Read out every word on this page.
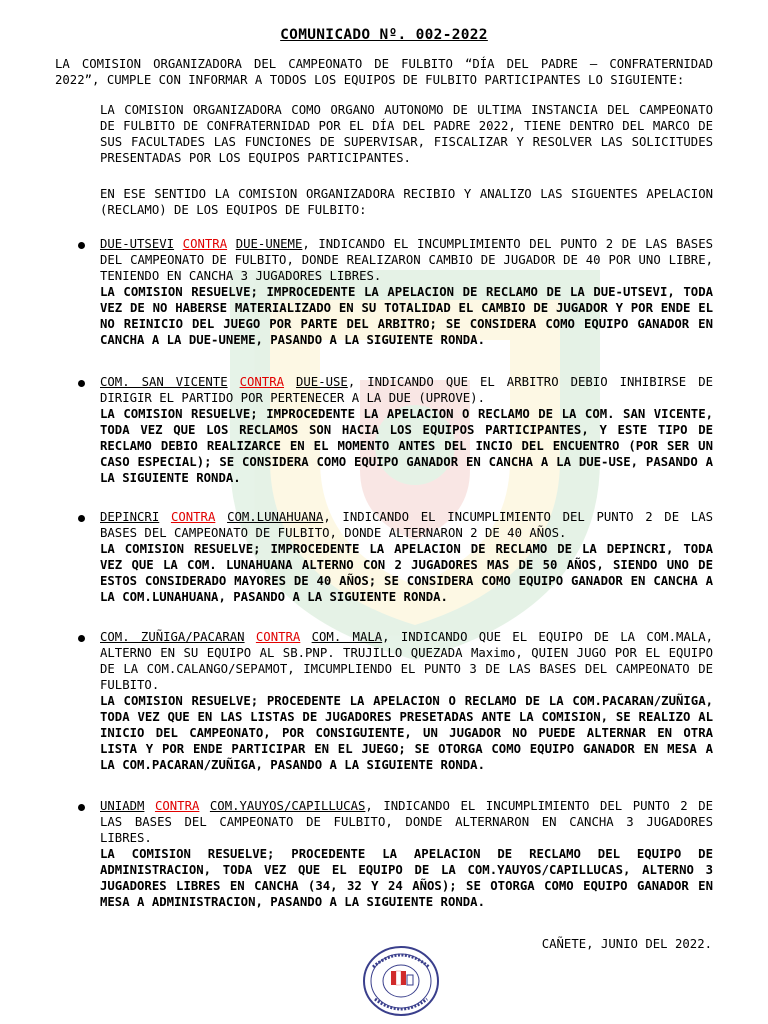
COMUNICADO Nº. 002-2022
LA COMISION ORGANIZADORA DEL CAMPEONATO DE FULBITO “DÍA DEL PADRE – CONFRATERNIDAD 2022”, CUMPLE CON INFORMAR A TODOS LOS EQUIPOS DE FULBITO PARTICIPANTES LO SIGUIENTE:
LA COMISION ORGANIZADORA COMO ORGANO AUTONOMO DE ULTIMA INSTANCIA DEL CAMPEONATO DE FULBITO DE CONFRATERNIDAD POR EL DÍA DEL PADRE 2022, TIENE DENTRO DEL MARCO DE SUS FACULTADES LAS FUNCIONES DE SUPERVISAR, FISCALIZAR Y RESOLVER LAS SOLICITUDES PRESENTADAS POR LOS EQUIPOS PARTICIPANTES.
EN ESE SENTIDO LA COMISION ORGANIZADORA RECIBIO Y ANALIZO LAS SIGUENTES APELACION (RECLAMO) DE LOS EQUIPOS DE FULBITO:
DUE-UTSEVI CONTRA DUE-UNEME, INDICANDO EL INCUMPLIMIENTO DEL PUNTO 2 DE LAS BASES DEL CAMPEONATO DE FULBITO, DONDE REALIZARON CAMBIO DE JUGADOR DE 40 POR UNO LIBRE, TENIENDO EN CANCHA 3 JUGADORES LIBRES.
LA COMISION RESUELVE; IMPROCEDENTE LA APELACION DE RECLAMO DE LA DUE-UTSEVI, TODA VEZ DE NO HABERSE MATERIALIZADO EN SU TOTALIDAD EL CAMBIO DE JUGADOR Y POR ENDE EL NO REINICIO DEL JUEGO POR PARTE DEL ARBITRO; SE CONSIDERA COMO EQUIPO GANADOR EN CANCHA A LA DUE-UNEME, PASANDO A LA SIGUIENTE RONDA.
COM. SAN VICENTE CONTRA DUE-USE, INDICANDO QUE EL ARBITRO DEBIO INHIBIRSE DE DIRIGIR EL PARTIDO POR PERTENECER A LA DUE (UPROVE).
LA COMISION RESUELVE; IMPROCEDENTE LA APELACION O RECLAMO DE LA COM. SAN VICENTE, TODA VEZ QUE LOS RECLAMOS SON HACIA LOS EQUIPOS PARTICIPANTES, Y ESTE TIPO DE RECLAMO DEBIO REALIZARCE EN EL MOMENTO ANTES DEL INCIO DEL ENCUENTRO (POR SER UN CASO ESPECIAL); SE CONSIDERA COMO EQUIPO GANADOR EN CANCHA A LA DUE-USE, PASANDO A LA SIGUIENTE RONDA.
DEPINCRI CONTRA COM.LUNAHUANA, INDICANDO EL INCUMPLIMIENTO DEL PUNTO 2 DE LAS BASES DEL CAMPEONATO DE FULBITO, DONDE ALTERNARON 2 DE 40 AÑOS.
LA COMISION RESUELVE; IMPROCEDENTE LA APELACION DE RECLAMO DE LA DEPINCRI, TODA VEZ QUE LA COM. LUNAHUANA ALTERNO CON 2 JUGADORES MAS DE 50 AÑOS, SIENDO UNO DE ESTOS CONSIDERADO MAYORES DE 40 AÑOS; SE CONSIDERA COMO EQUIPO GANADOR EN CANCHA A LA COM.LUNAHUANA, PASANDO A LA SIGUIENTE RONDA.
COM. ZUÑIGA/PACARAN CONTRA COM. MALA, INDICANDO QUE EL EQUIPO DE LA COM.MALA, ALTERNO EN SU EQUIPO AL SB.PNP. TRUJILLO QUEZADA Maximo, QUIEN JUGO POR EL EQUIPO DE LA COM.CALANGO/SEPAMOT, IMCUMPLIENDO EL PUNTO 3 DE LAS BASES DEL CAMPEONATO DE FULBITO.
LA COMISION RESUELVE; PROCEDENTE LA APELACION O RECLAMO DE LA COM.PACARAN/ZUÑIGA, TODA VEZ QUE EN LAS LISTAS DE JUGADORES PRESETADAS ANTE LA COMISION, SE REALIZO AL INICIO DEL CAMPEONATO, POR CONSIGUIENTE, UN JUGADOR NO PUEDE ALTERNAR EN OTRA LISTA Y POR ENDE PARTICIPAR EN EL JUEGO; SE OTORGA COMO EQUIPO GANADOR EN MESA A LA COM.PACARAN/ZUÑIGA, PASANDO A LA SIGUIENTE RONDA.
UNIADM CONTRA COM.YAUYOS/CAPILLUCAS, INDICANDO EL INCUMPLIMIENTO DEL PUNTO 2 DE LAS BASES DEL CAMPEONATO DE FULBITO, DONDE ALTERNARON EN CANCHA 3 JUGADORES LIBRES.
LA COMISION RESUELVE; PROCEDENTE LA APELACION DE RECLAMO DEL EQUIPO DE ADMINISTRACION, TODA VEZ QUE EL EQUIPO DE LA COM.YAUYOS/CAPILLUCAS, ALTERNO 3 JUGADORES LIBRES EN CANCHA (34, 32 Y 24 AÑOS); SE OTORGA COMO EQUIPO GANADOR EN MESA A ADMINISTRACION, PASANDO A LA SIGUIENTE RONDA.
CAÑETE, JUNIO DEL 2022.
